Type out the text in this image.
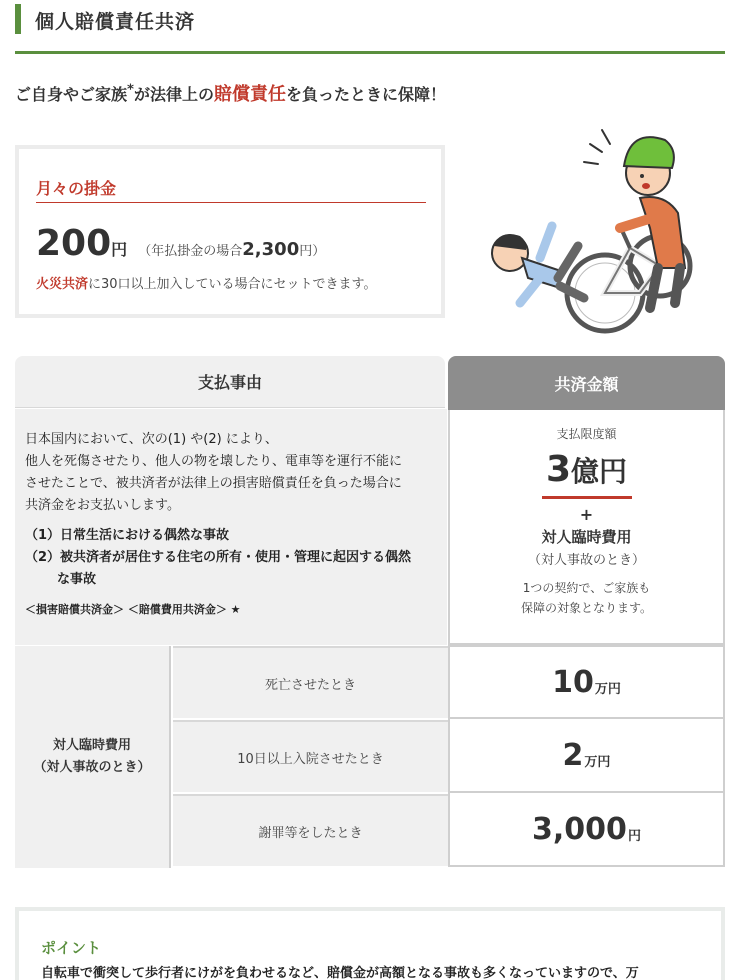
個人賠償責任共済
ご自身やご家族*が法律上の賠償責任を負ったときに保障！
月々の掛金
200円 （年払掛金の場合2,300円）
火災共済に30口以上加入している場合にセットできます。
支払事由	共済金額

日本国内において、次の(1) や(2) により、

他人を死傷させたり、他人の物を壊したり、電車等を運行不能に

させたことで、被共済者が法律上の損害賠償責任を負った場合に

共済金をお支払いします。

（1）日常生活における偶然な事故
（2）被共済者が居住する住宅の所有・使用・管理に起因する偶然
な事故
＜損害賠償共済金＞ ＜賠償費用共済金＞ ★
支払限度額
3億円
+
対人臨時費用
（対人事故のとき）
1つの契約で、ご家族も
保障の対象となります。
対人臨時費用
（対人事故のとき）
死亡させたとき
10日以上入院させたとき
謝罪等をしたとき
10 万円
2 万円
3,000 円
ポイント
自転車で衝突して歩行者にけがを負わせるなど、賠償金が高額となる事故も多くなっていますので、万
